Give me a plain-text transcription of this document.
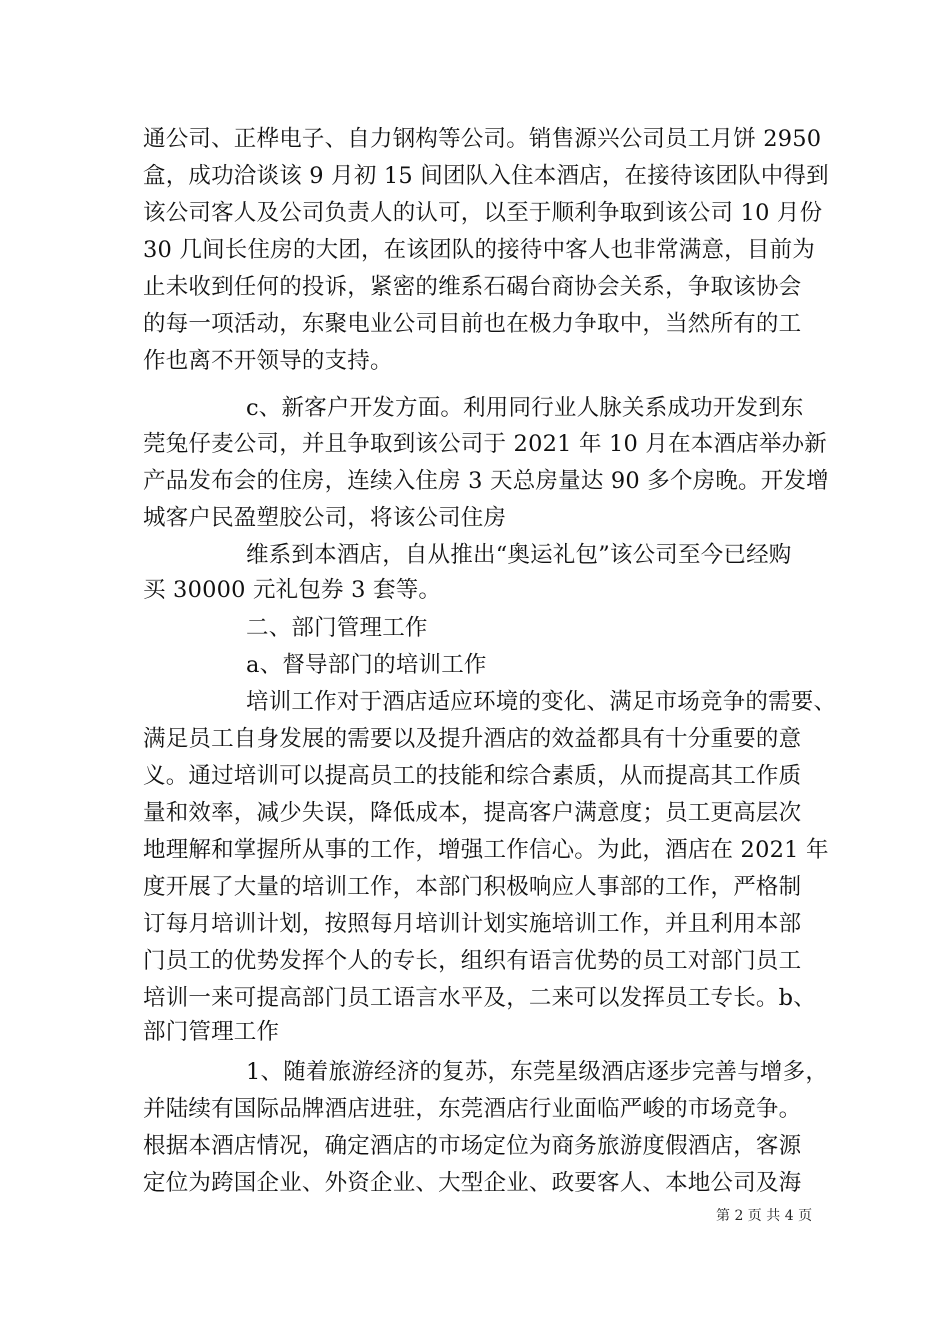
通公司、正桦电子、自力钢构等公司。销售源兴公司员工月饼 2950
盒，成功洽谈该 9 月初 15 间团队入住本酒店，在接待该团队中得到
该公司客人及公司负责人的认可，以至于顺利争取到该公司 10 月份
30 几间长住房的大团，在该团队的接待中客人也非常满意，目前为
止未收到任何的投诉，紧密的维系石碣台商协会关系，争取该协会
的每一项活动，东聚电业公司目前也在极力争取中，当然所有的工
作也离不开领导的支持。
c、新客户开发方面。利用同行业人脉关系成功开发到东
莞兔仔麦公司，并且争取到该公司于 2021 年 10 月在本酒店举办新
产品发布会的住房，连续入住房 3 天总房量达 90 多个房晚。开发增
城客户民盈塑胶公司，将该公司住房
维系到本酒店，自从推出“奥运礼包”该公司至今已经购
买 30000 元礼包券 3 套等。
二、部门管理工作
a、督导部门的培训工作
培训工作对于酒店适应环境的变化、满足市场竞争的需要、
满足员工自身发展的需要以及提升酒店的效益都具有十分重要的意
义。通过培训可以提高员工的技能和综合素质，从而提高其工作质
量和效率，减少失误，降低成本，提高客户满意度；员工更高层次
地理解和掌握所从事的工作，增强工作信心。为此，酒店在 2021 年
度开展了大量的培训工作，本部门积极响应人事部的工作，严格制
订每月培训计划，按照每月培训计划实施培训工作，并且利用本部
门员工的优势发挥个人的专长，组织有语言优势的员工对部门员工
培训一来可提高部门员工语言水平及，二来可以发挥员工专长。b、
部门管理工作
1、随着旅游经济的复苏，东莞星级酒店逐步完善与增多，
并陆续有国际品牌酒店进驻，东莞酒店行业面临严峻的市场竞争。
根据本酒店情况，确定酒店的市场定位为商务旅游度假酒店，客源
定位为跨国企业、外资企业、大型企业、政要客人、本地公司及海
第 2 页 共 4 页
